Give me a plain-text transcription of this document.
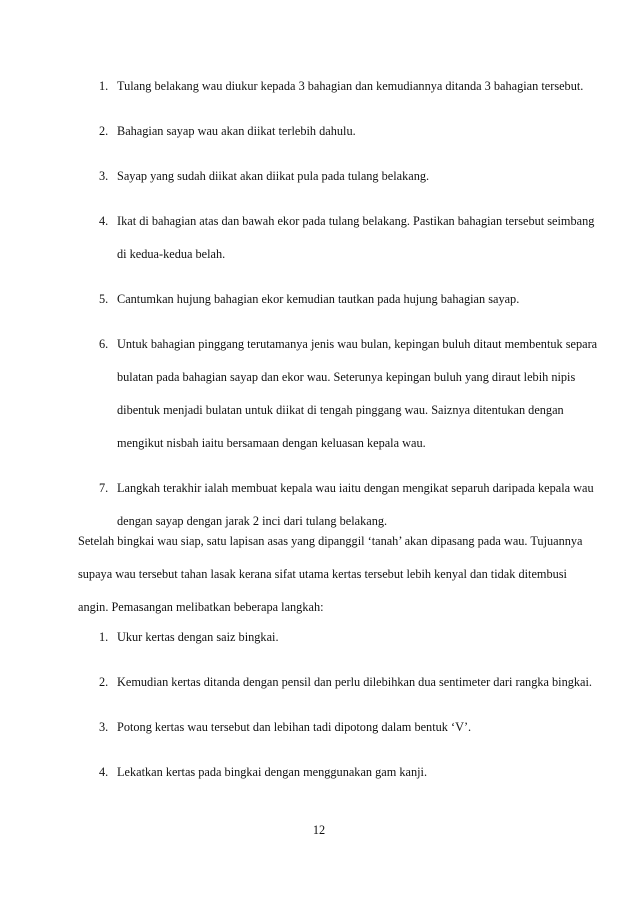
1. Tulang belakang wau diukur kepada 3 bahagian dan kemudiannya ditanda 3 bahagian tersebut.
2. Bahagian sayap wau akan diikat terlebih dahulu.
3. Sayap yang sudah diikat akan diikat pula pada tulang belakang.
4. Ikat di bahagian atas dan bawah ekor pada tulang belakang. Pastikan bahagian tersebut seimbang di kedua-kedua belah.
5. Cantumkan hujung bahagian ekor kemudian tautkan pada hujung bahagian sayap.
6. Untuk bahagian pinggang terutamanya jenis wau bulan, kepingan buluh ditaut membentuk separa bulatan pada bahagian sayap dan ekor wau. Seterunya kepingan buluh yang diraut lebih nipis dibentuk menjadi bulatan untuk diikat di tengah pinggang wau. Saiznya ditentukan dengan mengikut nisbah iaitu bersamaan dengan keluasan kepala wau.
7. Langkah terakhir ialah membuat kepala wau iaitu dengan mengikat separuh daripada kepala wau dengan sayap dengan jarak 2 inci dari tulang belakang.

Setelah bingkai wau siap, satu lapisan asas yang dipanggil ‘tanah’ akan dipasang pada wau. Tujuannya supaya wau tersebut tahan lasak kerana sifat utama kertas tersebut lebih kenyal dan tidak ditembusi angin. Pemasangan melibatkan beberapa langkah:

1. Ukur kertas dengan saiz bingkai.
2. Kemudian kertas ditanda dengan pensil dan perlu dilebihkan dua sentimeter dari rangka bingkai.
3. Potong kertas wau tersebut dan lebihan tadi dipotong dalam bentuk ‘V’.
4. Lekatkan kertas pada bingkai dengan menggunakan gam kanji.
12
